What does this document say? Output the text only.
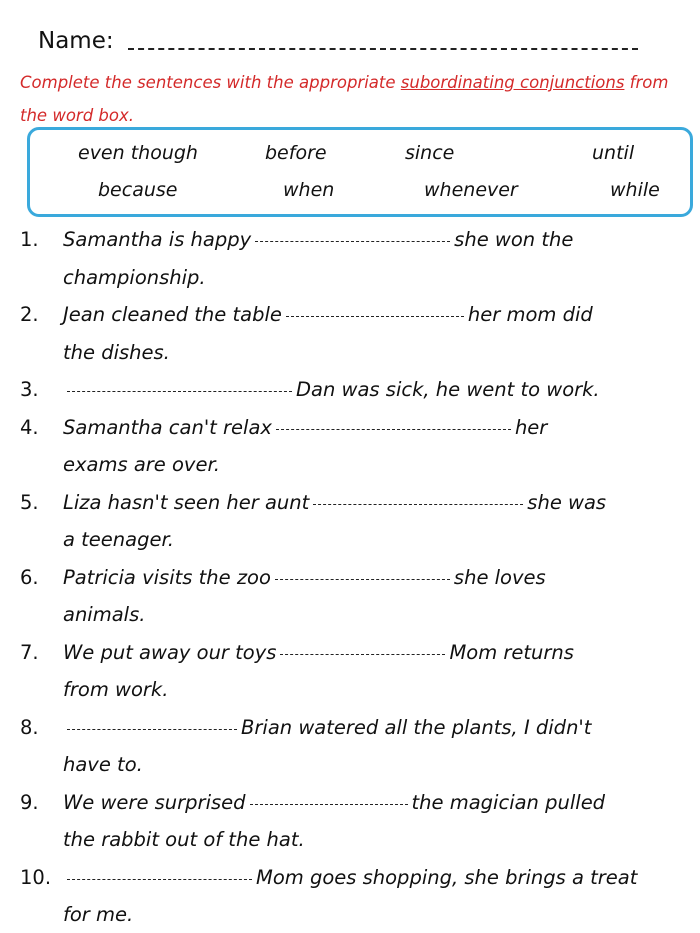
Name:
Complete the sentences with the appropriate subordinating conjunctions from the word box.
even though	before	since	until
because	when	whenever	while
1. Samantha is happy	she won the
championship.
2. Jean cleaned the table	her mom did
the dishes.
3.	Dan was sick, he went to work.
4. Samantha can't relax	her
exams are over.
5. Liza hasn't seen her aunt	she was
a teenager.
6. Patricia visits the zoo	she loves
animals.
7. We put away our toys	Mom returns
from work.
8.	Brian watered all the plants, I didn't
have to.
9. We were surprised	the magician pulled
the rabbit out of the hat.
10.	Mom goes shopping, she brings a treat
for me.
